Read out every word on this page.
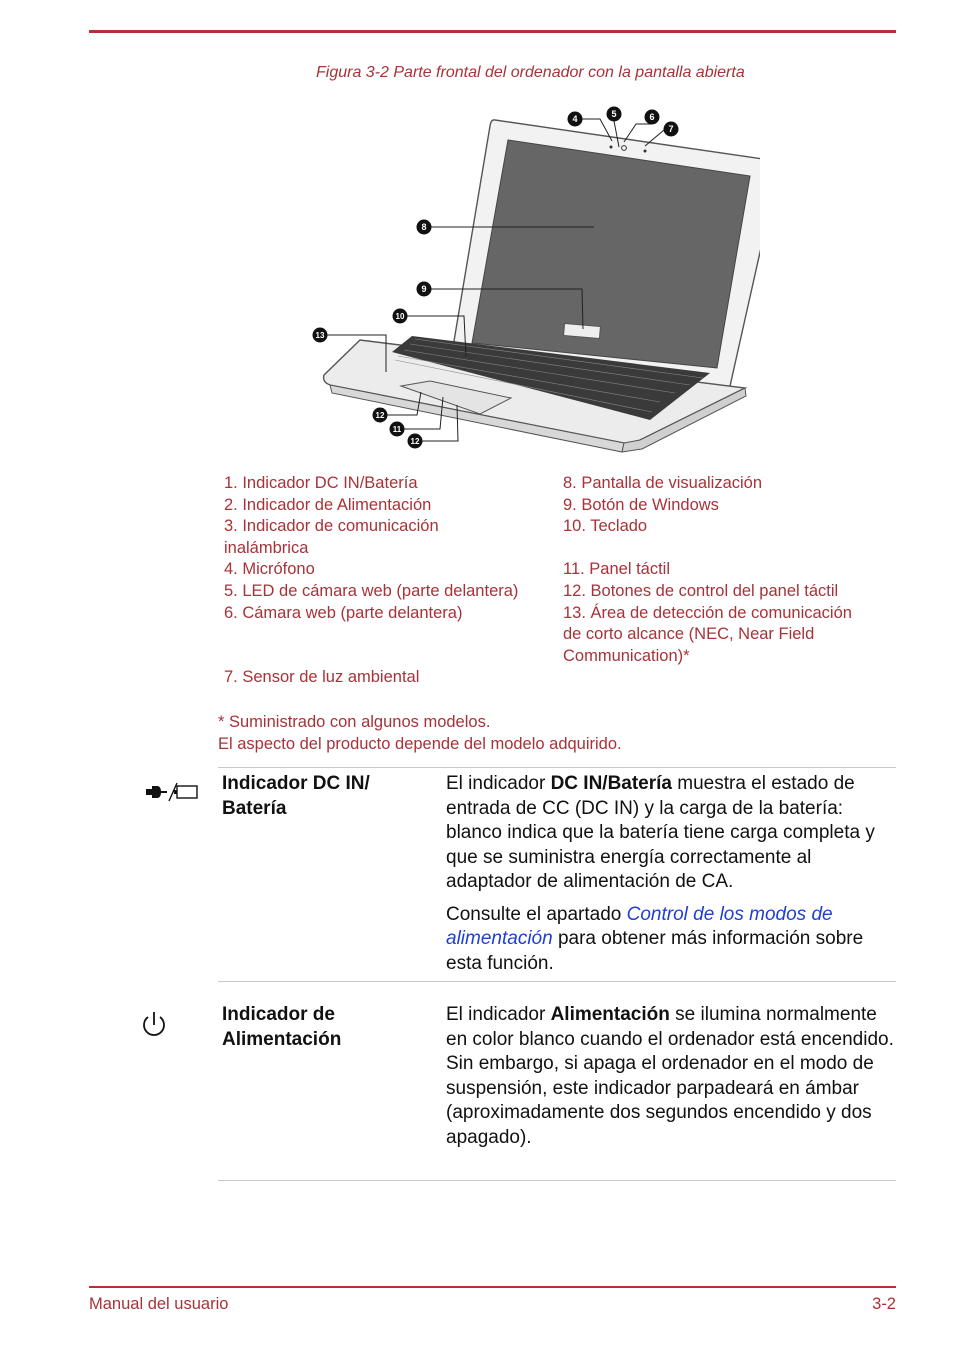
Figura 3-2 Parte frontal del ordenador con la pantalla abierta
4	5	6
7
8
9
10
13
12
11
12
1. Indicador DC IN/Batería
2. Indicador de Alimentación
3. Indicador de comunicación
inalámbrica
4. Micrófono
5. LED de cámara web (parte delantera)
6. Cámara web (parte delantera)
7. Sensor de luz ambiental
8. Pantalla de visualización
9. Botón de Windows
10. Teclado
11. Panel táctil
12. Botones de control del panel táctil
13. Área de detección de comunicación
de corto alcance (NEC, Near Field
Communication)*
* Suministrado con algunos modelos.
El aspecto del producto depende del modelo adquirido.
Indicador DC IN/
Batería

El indicador DC IN/Batería muestra el estado de entrada de CC (DC IN) y la carga de la batería: blanco indica que la batería tiene carga completa y que se suministra energía correctamente al adaptador de alimentación de CA.

Consulte el apartado Control de los modos de alimentación para obtener más información sobre esta función.

Indicador de
Alimentación

El indicador Alimentación se ilumina normalmente en color blanco cuando el ordenador está encendido. Sin embargo, si apaga el ordenador en el modo de suspensión, este indicador parpadeará en ámbar (aproximadamente dos segundos encendido y dos apagado).

Manual del usuario	3-2
